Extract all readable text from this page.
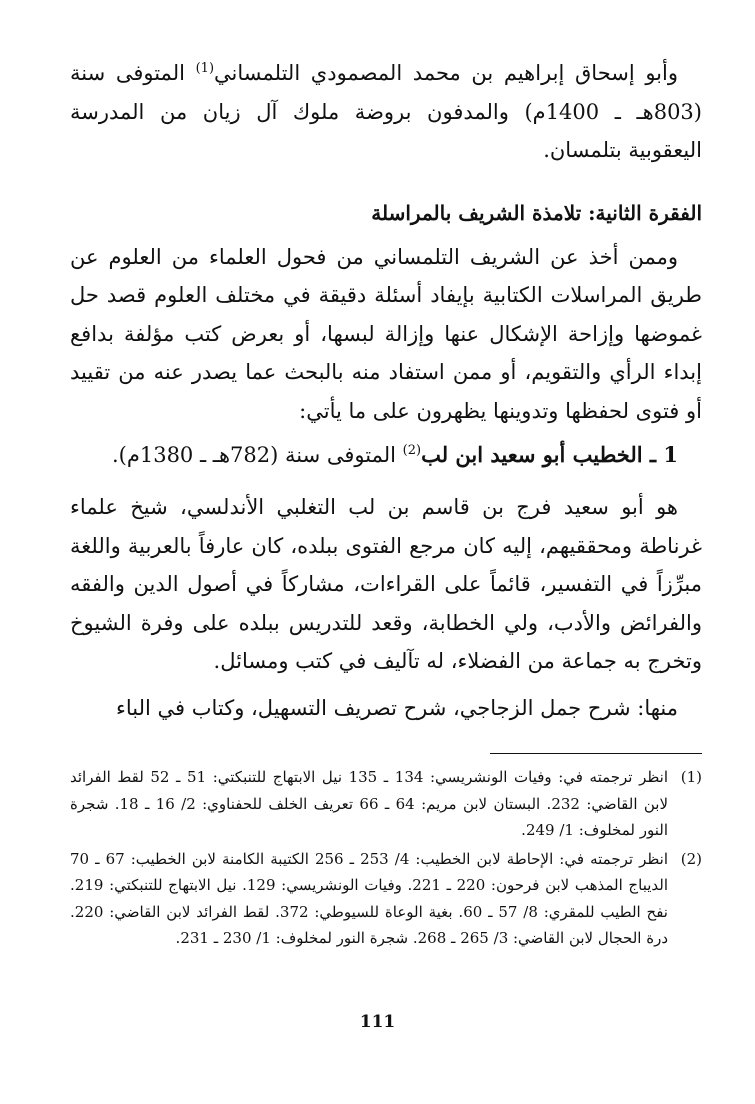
وأبو إسحاق إبراهيم بن محمد المصمودي التلمساني$^{(1)}$ المتوفى سنة (803هـ ـ 1400م) والمدفون بروضة ملوك آل زيان من المدرسة اليعقوبية بتلمسان.

الفقرة الثانية: تلامذة الشريف بالمراسلة

وممن أخذ عن الشريف التلمساني من فحول العلماء من العلوم عن طريق المراسلات الكتابية بإيفاد أسئلة دقيقة في مختلف العلوم قصد حل غموضها وإزاحة الإشكال عنها وإزالة لبسها، أو بعرض كتب مؤلفة بدافع إبداء الرأي والتقويم، أو ممن استفاد منه بالبحث عما يصدر عنه من تقييد أو فتوى لحفظها وتدوينها يظهرون على ما يأتي:

1 ـ الخطيب أبو سعيد ابن لب$^{(2)}$ المتوفى سنة (782هـ ـ 1380م).

هو أبو سعيد فرج بن قاسم بن لب التغلبي الأندلسي، شيخ علماء غرناطة ومحققيهم، إليه كان مرجع الفتوى ببلده، كان عارفاً بالعربية واللغة مبرِّزاً في التفسير، قائماً على القراءات، مشاركاً في أصول الدين والفقه والفرائض والأدب، ولي الخطابة، وقعد للتدريس ببلده على وفرة الشيوخ وتخرج به جماعة من الفضلاء، له تآليف في كتب ومسائل.

منها: شرح جمل الزجاجي، شرح تصريف التسهيل، وكتاب في الباء

(1)
انظر ترجمته في: وفيات الونشريسي: 134 ـ 135 نيل الابتهاج للتنبكتي: 51 ـ 52 لقط الفرائد لابن القاضي: 232. البستان لابن مريم: 64 ـ 66 تعريف الخلف للحفناوي: 2/ 16 ـ 18. شجرة النور لمخلوف: 1/ 249.
(2)
انظر ترجمته في: الإحاطة لابن الخطيب: 4/ 253 ـ 256 الكتيبة الكامنة لابن الخطيب: 67 ـ 70 الديباج المذهب لابن فرحون: 220 ـ 221. وفيات الونشريسي: 129. نيل الابتهاج للتنبكتي: 219. نفح الطيب للمقري: 8/ 57 ـ 60. بغية الوعاة للسيوطي: 372. لقط الفرائد لابن القاضي: 220. درة الحجال لابن القاضي: 3/ 265 ـ 268. شجرة النور لمخلوف: 1/ 230 ـ 231.
111
